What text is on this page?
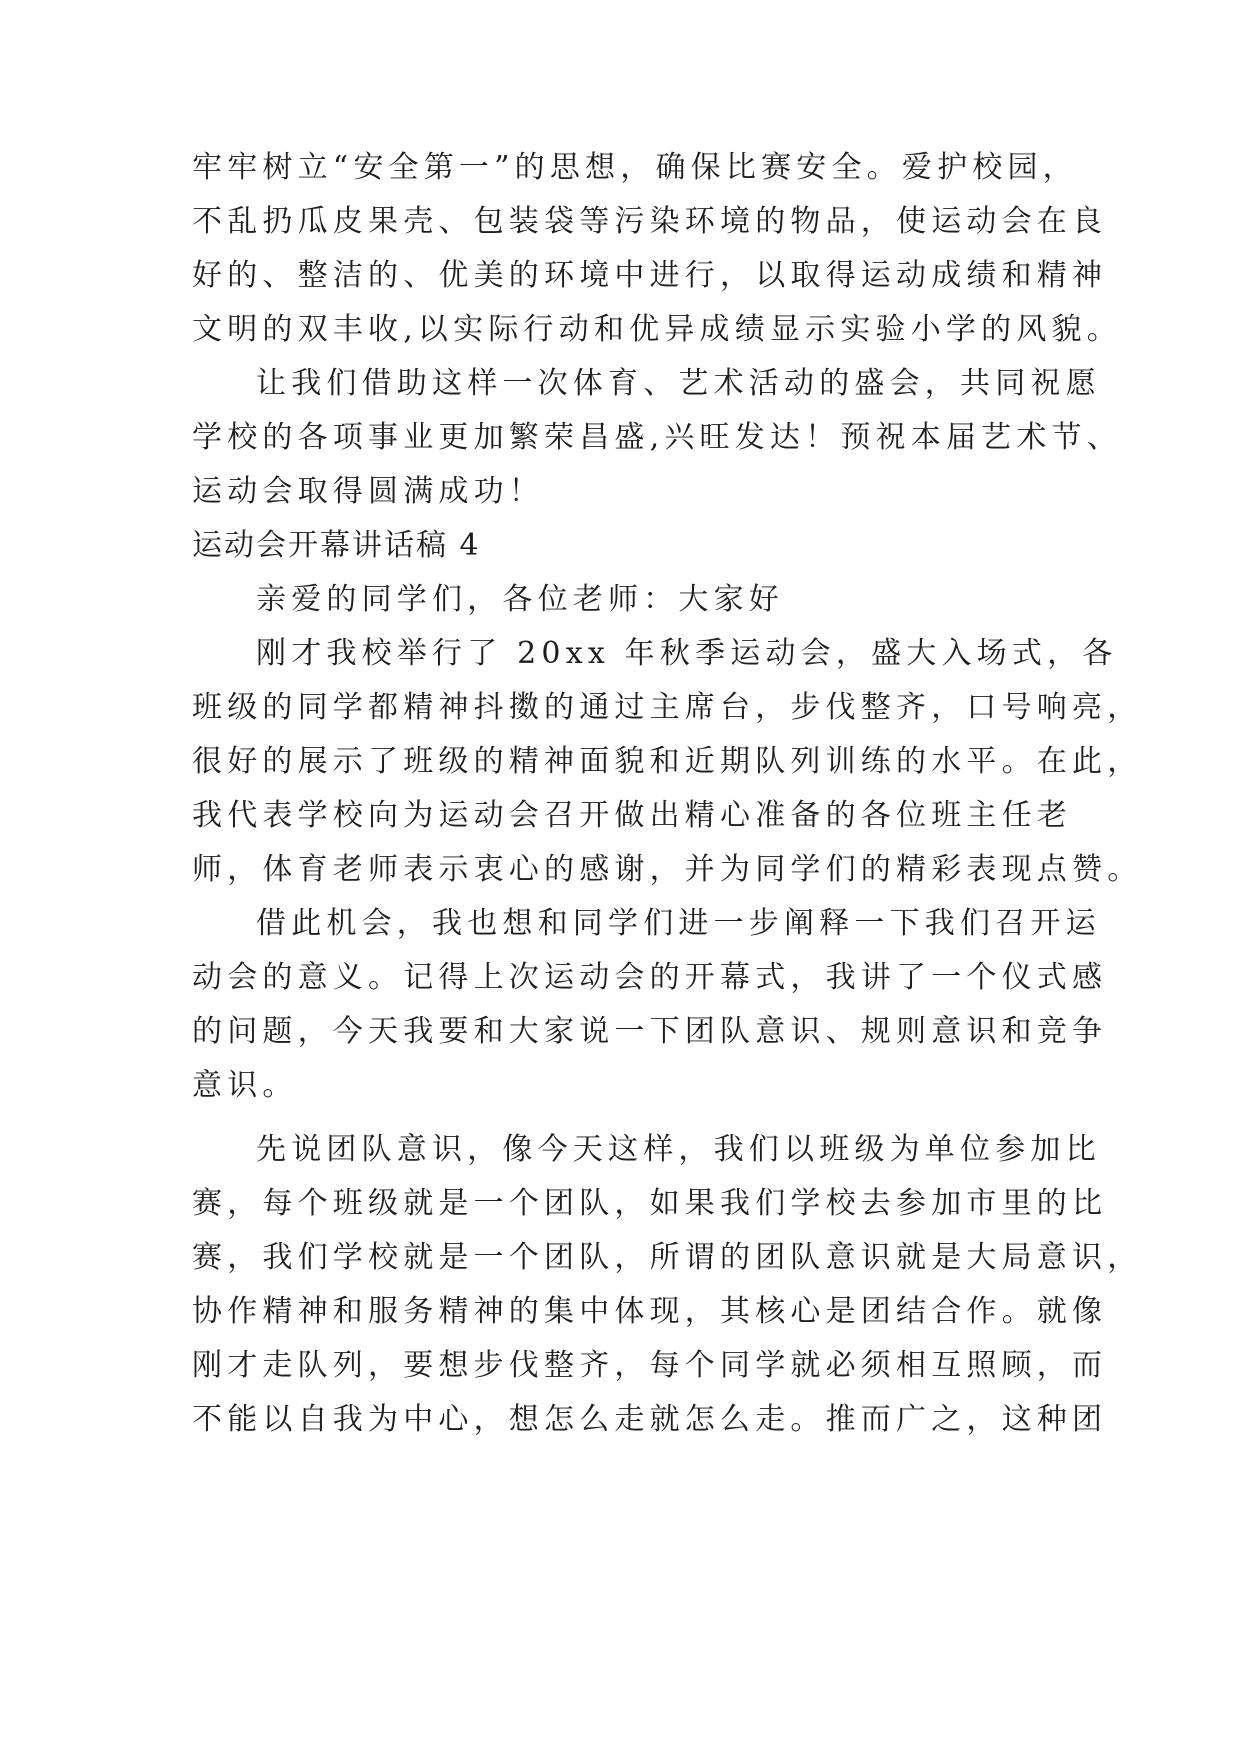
牢牢树立“安全第一”的思想，确保比赛安全。爱护校园，
不乱扔瓜皮果壳、包装袋等污染环境的物品，使运动会在良
好的、整洁的、优美的环境中进行，以取得运动成绩和精神
文明的双丰收,以实际行动和优异成绩显示实验小学的风貌。
让我们借助这样一次体育、艺术活动的盛会，共同祝愿
学校的各项事业更加繁荣昌盛,兴旺发达！预祝本届艺术节、
运动会取得圆满成功！
运动会开幕讲话稿 4
亲爱的同学们，各位老师：大家好
刚才我校举行了 20xx 年秋季运动会，盛大入场式，各
班级的同学都精神抖擞的通过主席台，步伐整齐，口号响亮，
很好的展示了班级的精神面貌和近期队列训练的水平。在此，
我代表学校向为运动会召开做出精心准备的各位班主任老
师，体育老师表示衷心的感谢，并为同学们的精彩表现点赞。
借此机会，我也想和同学们进一步阐释一下我们召开运
动会的意义。记得上次运动会的开幕式，我讲了一个仪式感
的问题，今天我要和大家说一下团队意识、规则意识和竞争
意识。
先说团队意识，像今天这样，我们以班级为单位参加比
赛，每个班级就是一个团队，如果我们学校去参加市里的比
赛，我们学校就是一个团队，所谓的团队意识就是大局意识，
协作精神和服务精神的集中体现，其核心是团结合作。就像
刚才走队列，要想步伐整齐，每个同学就必须相互照顾，而
不能以自我为中心，想怎么走就怎么走。推而广之，这种团
